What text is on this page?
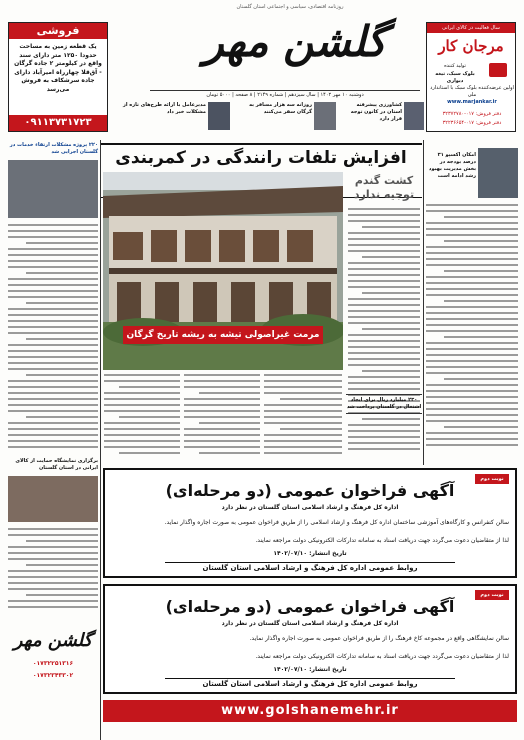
سال فعالیت در کالای ایرانی
مرجان کار
تولید کننده
بلوک سبک، تیغه دیواری
اولین عرضه‌کننده بلوک سبک با استاندارد ملی
www.marjankar.ir
دفتر فروش: ۰۱۷-۳۲۳۷۲۷۸۰
دفتر فروش: ۰۱۷-۳۲۲۳۶۶۵۴
روزنامه اقتصادی، سیاسی و اجتماعی استان گلستان
گلشن مهر
دوشنبه ۱۰ مهر ۱۴۰۲ | سال سیزدهم | شماره ۲۱۴۹ | ۸ صفحه | ۵۰۰۰ تومان
فروشی
یک قطعه زمین به مساحت حدودا ۱۲۵۰ متر دارای سند واقع در کیلومتر ۲ جاده گرگان - آق‌قلا چهارراه امیرآباد دارای جاده سرشکاف به فروش می‌رسد
۰۹۱۱۳۷۳۱۷۲۳
کشاورزی پیشرفته استان در کانون توجه قرار دارد
روزانه سه هزار مسافر به گرگان سفر می‌کنند
مدیرعامل با ارائه طرح‌های تازه از مشکلات خبر داد
افزایش تلفات رانندگی در کمربندی	امکان اکسپو ۳۱ درصد بودجه در بخش مدیریت بهبود رشد ادامه است
۲۲۰ پروژه مشکلات ارتقاء خدمات در گلستان اجرایی شد
برگزاری نمایشگاه حمایت از کالای ایرانی در استان گلستان
گلشن مهر
۰۱۷۳۲۲۵۱۳۱۶
۰۱۷۳۲۳۴۳۳۰۲
مرمت غیراصولی تیشه به ریشه تاریخ گرگان
کشت گندم توجیه ندارد
۲۳۰ میلیارد ریال برای ایجاد اشتغال در گلستان پرداخت شد
نوبت دوم
آگهی فراخوان عمومی (دو مرحله‌ای)
اداره کل فرهنگ و ارشاد اسلامی استان گلستان در نظر دارد
سالن کنفرانس و کارگاه‌های آموزشی ساختمان اداره کل فرهنگ و ارشاد اسلامی را از طریق فراخوان عمومی به صورت اجاره واگذار نماید.
لذا از متقاضیان دعوت می‌گردد جهت دریافت اسناد به سامانه تدارکات الکترونیکی دولت مراجعه نمایند.
تاریخ انتشار: ۱۴۰۲/۰۷/۱۰
روابط عمومی اداره کل فرهنگ و ارشاد اسلامی استان گلستان
نوبت دوم
آگهی فراخوان عمومی (دو مرحله‌ای)
اداره کل فرهنگ و ارشاد اسلامی استان گلستان در نظر دارد
سالن نمایشگاهی واقع در مجموعه کاخ فرهنگ را از طریق فراخوان عمومی به صورت اجاره واگذار نماید.
لذا از متقاضیان دعوت می‌گردد جهت دریافت اسناد به سامانه تدارکات الکترونیکی دولت مراجعه نمایند.
تاریخ انتشار: ۱۴۰۲/۰۷/۱۰
روابط عمومی اداره کل فرهنگ و ارشاد اسلامی استان گلستان
www.golshanemehr.ir
